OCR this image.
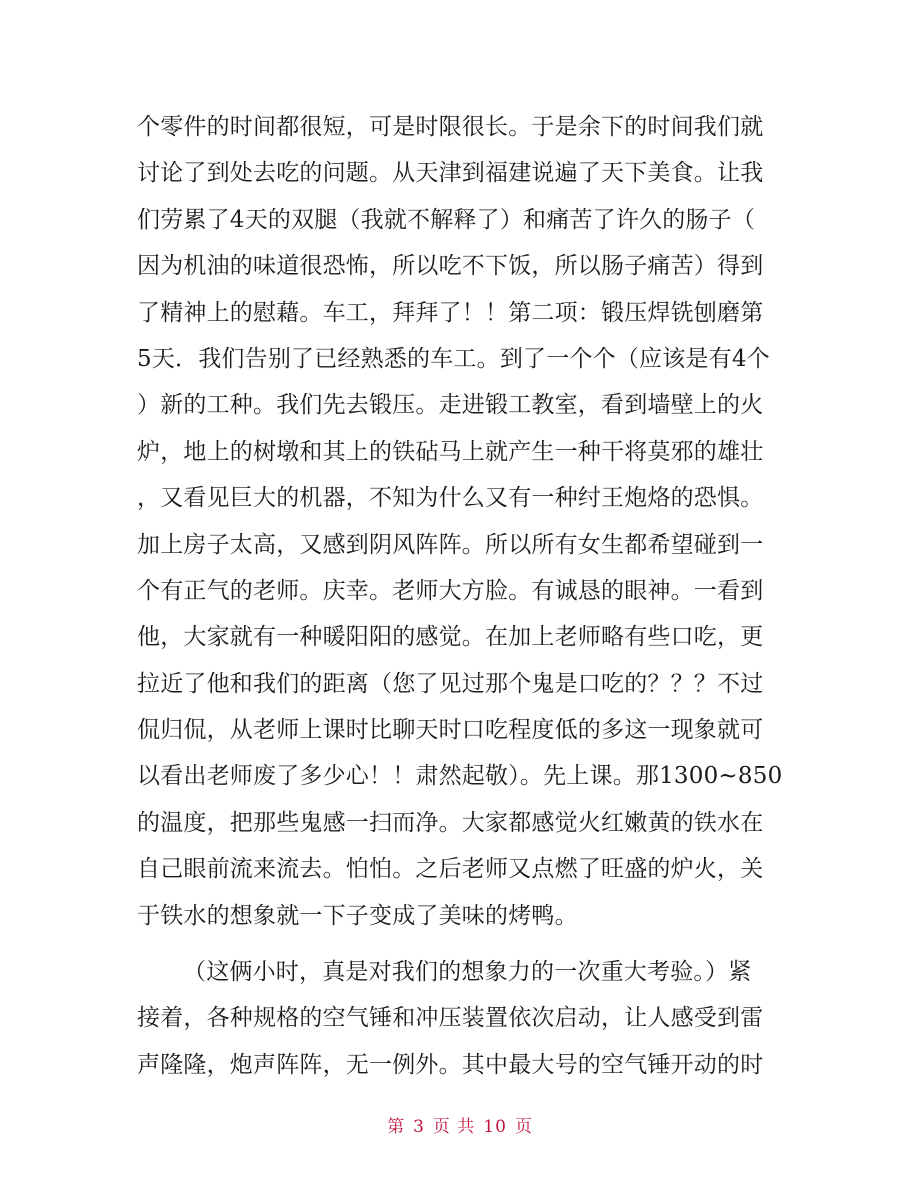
个零件的时间都很短，可是时限很长。于是余下的时间我们就
讨论了到处去吃的问题。从天津到福建说遍了天下美食。让我
们劳累了4天的双腿（我就不解释了）和痛苦了许久的肠子（
因为机油的味道很恐怖，所以吃不下饭，所以肠子痛苦）得到
了精神上的慰藉。车工，拜拜了！！第二项：锻压焊铣刨磨第
5天．我们告别了已经熟悉的车工。到了一个个（应该是有4个
）新的工种。我们先去锻压。走进锻工教室，看到墙壁上的火
炉，地上的树墩和其上的铁砧马上就产生一种干将莫邪的雄壮
，又看见巨大的机器，不知为什么又有一种纣王炮烙的恐惧。
加上房子太高，又感到阴风阵阵。所以所有女生都希望碰到一
个有正气的老师。庆幸。老师大方脸。有诚恳的眼神。一看到
他，大家就有一种暖阳阳的感觉。在加上老师略有些口吃，更
拉近了他和我们的距离（您了见过那个鬼是口吃的？？？不过
侃归侃，从老师上课时比聊天时口吃程度低的多这一现象就可
以看出老师废了多少心！！肃然起敬）。先上课。那1300~850
的温度，把那些鬼感一扫而净。大家都感觉火红嫩黄的铁水在
自己眼前流来流去。怕怕。之后老师又点燃了旺盛的炉火，关
于铁水的想象就一下子变成了美味的烤鸭。
（这俩小时，真是对我们的想象力的一次重大考验。）紧
接着，各种规格的空气锤和冲压装置依次启动，让人感受到雷
声隆隆，炮声阵阵，无一例外。其中最大号的空气锤开动的时
第 3 页 共 10 页
